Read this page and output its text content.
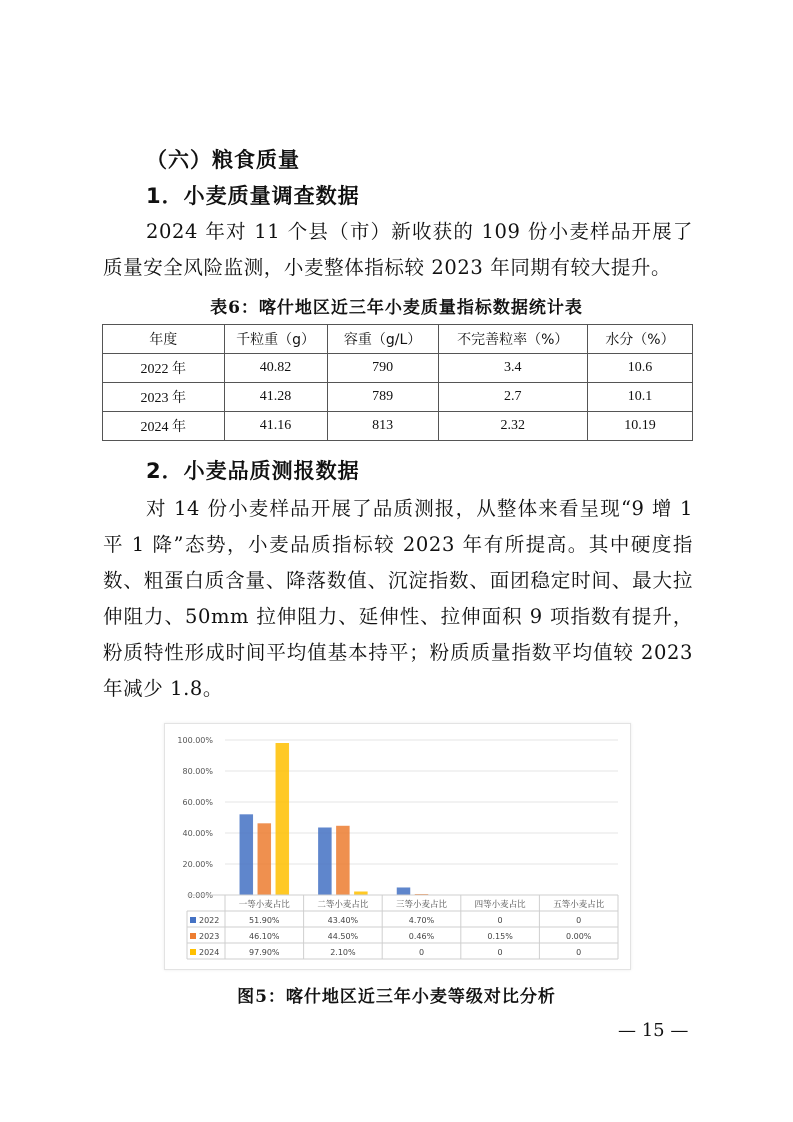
（六）粮食质量
1．小麦质量调查数据
2024 年对 11 个县（市）新收获的 109 份小麦样品开展了质量安全风险监测，小麦整体指标较 2023 年同期有较大提升。
表6：喀什地区近三年小麦质量指标数据统计表
年度	千粒重（g）	容重（g/L）	不完善粒率（%）	水分（%）
2022 年	40.82	790	3.4	10.6
2023 年	41.28	789	2.7	10.1
2024 年	41.16	813	2.32	10.19
2．小麦品质测报数据
对 14 份小麦样品开展了品质测报，从整体来看呈现“9 增 1 平 1 降”态势，小麦品质指标较 2023 年有所提高。其中硬度指数、粗蛋白质含量、降落数值、沉淀指数、面团稳定时间、最大拉伸阻力、50mm 拉伸阻力、延伸性、拉伸面积 9 项指数有提升，粉质特性形成时间平均值基本持平；粉质质量指数平均值较 2023 年减少 1.8。
0.00%
20.00%
40.00%
60.00%
80.00%
100.00%
一等小麦占比	二等小麦占比	三等小麦占比	四等小麦占比	五等小麦占比
2022	51.90%	43.40%	4.70%	0	0
2023	46.10%	44.50%	0.46%	0.15%	0.00%
2024	97.90%	2.10%	0	0	0
图5：喀什地区近三年小麦等级对比分析
— 15 —
